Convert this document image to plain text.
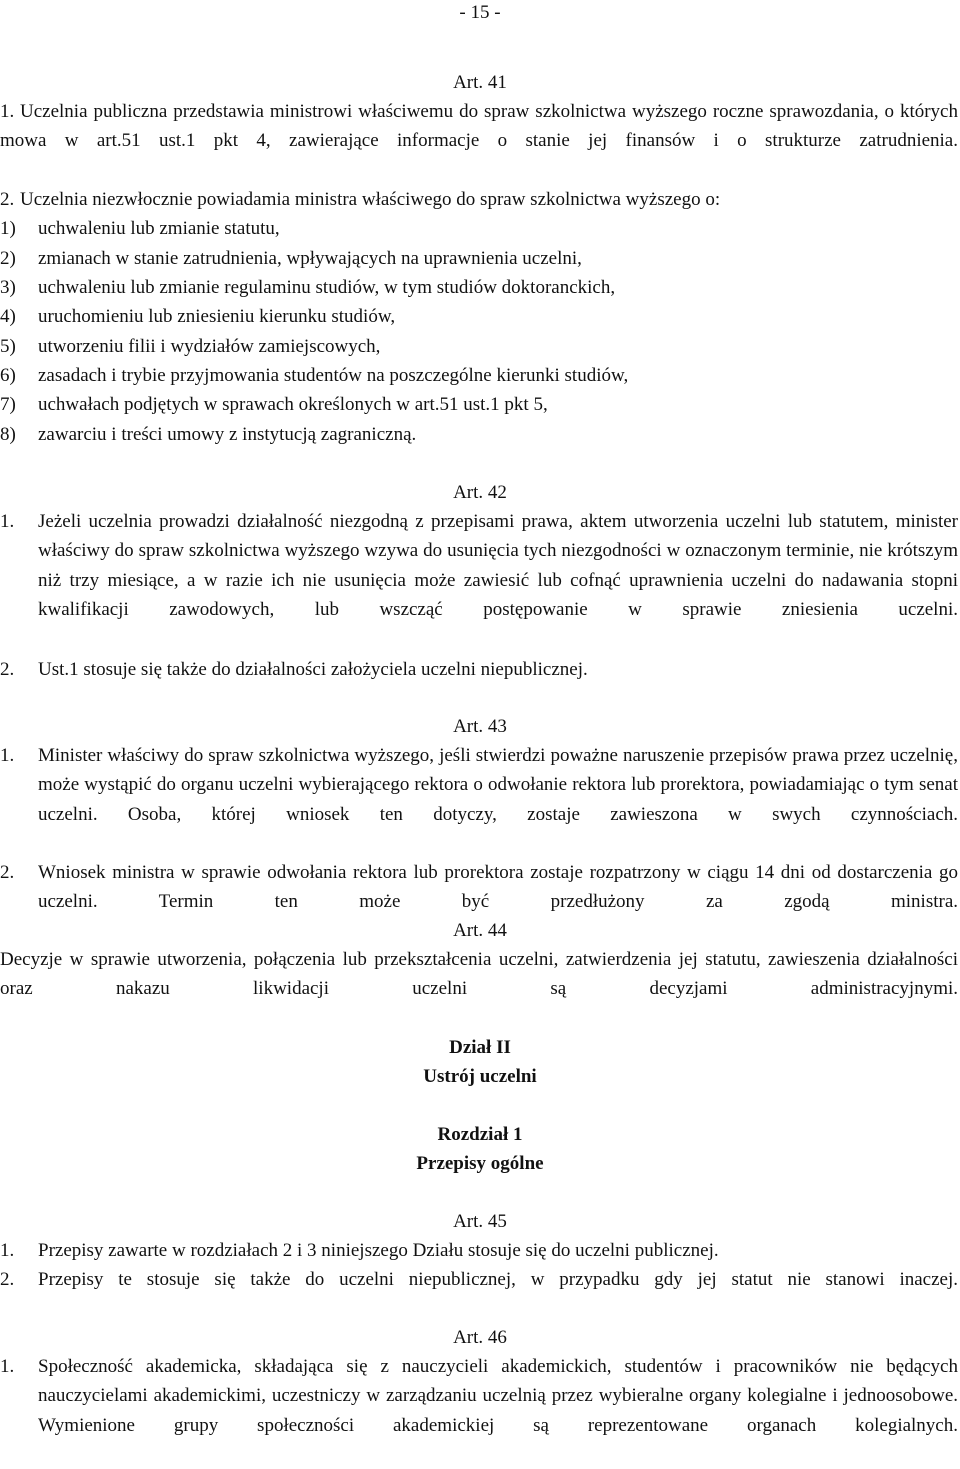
- 15 -
Art. 41
1. Uczelnia publiczna przedstawia ministrowi właściwemu do spraw szkolnictwa wyższego roczne sprawozdania, o których mowa w art.51 ust.1 pkt 4, zawierające informacje o stanie jej finansów i o strukturze zatrudnienia.
2. Uczelnia niezwłocznie powiadamia ministra właściwego do spraw szkolnictwa wyższego o:
1) uchwaleniu lub zmianie statutu,
2) zmianach w stanie zatrudnienia, wpływających na uprawnienia uczelni,
3) uchwaleniu lub zmianie regulaminu studiów, w tym studiów doktoranckich,
4) uruchomieniu lub zniesieniu kierunku studiów,
5) utworzeniu filii i wydziałów zamiejscowych,
6) zasadach i trybie przyjmowania studentów na poszczególne kierunki studiów,
7) uchwałach podjętych w sprawach określonych w art.51 ust.1 pkt 5,
8) zawarciu i treści umowy z instytucją zagraniczną.
Art. 42
1. Jeżeli uczelnia prowadzi działalność niezgodną z przepisami prawa, aktem utworzenia uczelni lub statutem, minister właściwy do spraw szkolnictwa wyższego wzywa do usunięcia tych niezgodności w oznaczonym terminie, nie krótszym niż trzy miesiące, a w razie ich nie usunięcia może zawiesić lub cofnąć uprawnienia uczelni do nadawania stopni kwalifikacji zawodowych, lub wszcząć postępowanie w sprawie zniesienia uczelni.
2. Ust.1 stosuje się także do działalności założyciela uczelni niepublicznej.
Art. 43
1. Minister właściwy do spraw szkolnictwa wyższego, jeśli stwierdzi poważne naruszenie przepisów prawa przez uczelnię, może wystąpić do organu uczelni wybierającego rektora o odwołanie rektora lub prorektora, powiadamiając o tym senat uczelni. Osoba, której wniosek ten dotyczy, zostaje zawieszona w swych czynnościach.
2. Wniosek ministra w sprawie odwołania rektora lub prorektora zostaje rozpatrzony w ciągu 14 dni od dostarczenia go uczelni. Termin ten może być przedłużony za zgodą ministra.
Art. 44
Decyzje w sprawie utworzenia, połączenia lub przekształcenia uczelni, zatwierdzenia jej statutu, zawieszenia działalności oraz nakazu likwidacji uczelni są decyzjami administracyjnymi.
Dział II
Ustrój uczelni
Rozdział 1
Przepisy ogólne
Art. 45
1. Przepisy zawarte w rozdziałach 2 i 3 niniejszego Działu stosuje się do uczelni publicznej.
2. Przepisy te stosuje się także do uczelni niepublicznej, w przypadku gdy jej statut nie stanowi inaczej.
Art. 46
1. Społeczność akademicka, składająca się z nauczycieli akademickich, studentów i pracowników nie będących nauczycielami akademickimi, uczestniczy w zarządzaniu uczelnią przez wybieralne organy kolegialne i jednoosobowe. Wymienione grupy społeczności akademickiej są reprezentowane organach kolegialnych.
